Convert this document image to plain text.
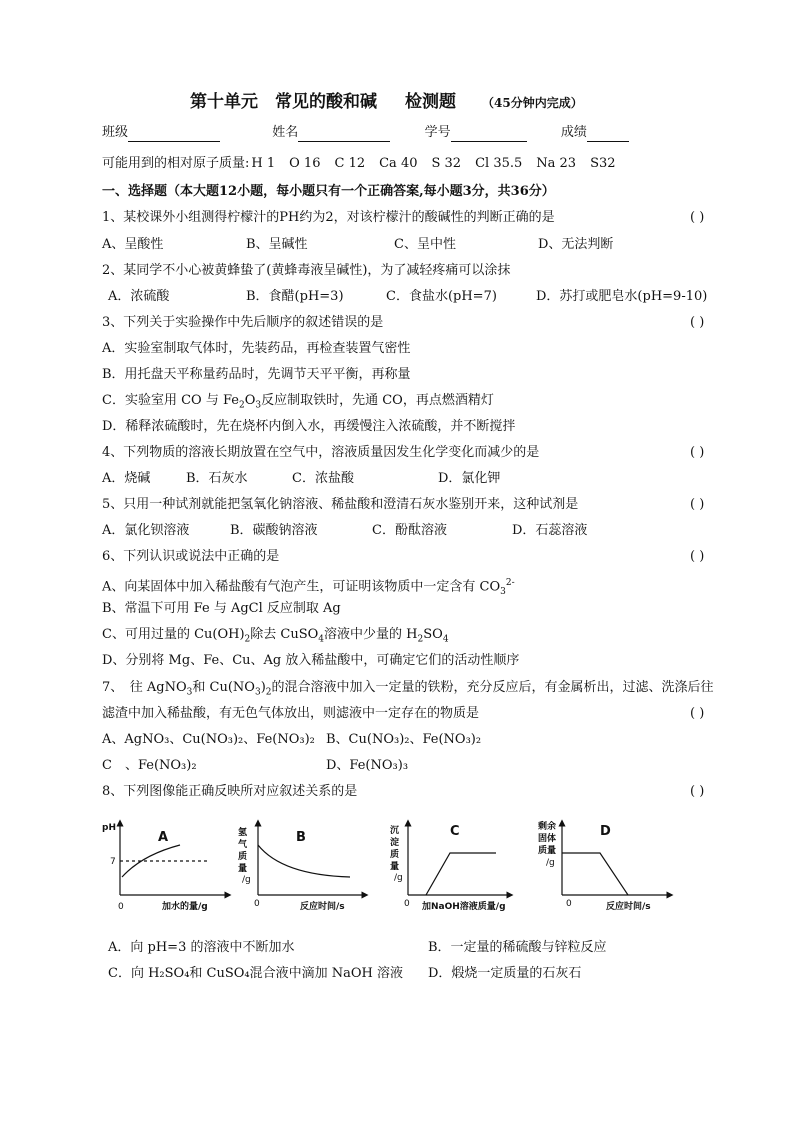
第十单元　常见的酸和碱 检测题 （45分钟内完成）
班级	姓名	学号	成绩
可能用到的相对原子质量: H 1 O 16 C 12 Ca 40 S 32 Cl 35.5 Na 23 S32
一、选择题（本大题12小题，每小题只有一个正确答案,每小题3分，共36分）
1、某校课外小组测得柠檬汁的PH约为2，对该柠檬汁的酸碱性的判断正确的是	( )
A、呈酸性	B、呈碱性	C、呈中性	D、无法判断
2、某同学不小心被黄蜂蛰了(黄蜂毒液呈碱性)，为了减轻疼痛可以涂抹
A．浓硫酸	B．食醋(pH=3)	C．食盐水(pH=7)	D．苏打或肥皂水(pH=9-10)
3、下列关于实验操作中先后顺序的叙述错误的是	( )
A．实验室制取气体时，先装药品，再检查装置气密性
B．用托盘天平称量药品时，先调节天平平衡，再称量
C．实验室用 CO 与 $Fe_2O_3$反应制取铁时，先通 CO，再点燃酒精灯
D．稀释浓硫酸时，先在烧杯内倒入水，再缓慢注入浓硫酸，并不断搅拌
4、下列物质的溶液长期放置在空气中，溶液质量因发生化学变化而减少的是	( )
A．烧碱	B．石灰水	C．浓盐酸	D．氯化钾
5、只用一种试剂就能把氢氧化钠溶液、稀盐酸和澄清石灰水鉴别开来，这种试剂是	( )
A．氯化钡溶液	B．碳酸钠溶液	C．酚酞溶液	D．石蕊溶液
6、下列认识或说法中正确的是	( )
A、向某固体中加入稀盐酸有气泡产生，可证明该物质中一定含有 $CO_3^{2-}$
B、常温下可用 Fe 与 AgCl 反应制取 Ag
C、可用过量的 $Cu(OH)_2$除去 CuSO$_4$溶液中少量的 $H_2SO_4$
D、分别将 Mg、Fe、Cu、Ag 放入稀盐酸中，可确定它们的活动性顺序
7、　往 AgNO$_3$和 $Cu(NO_3)_2$的混合溶液中加入一定量的铁粉，充分反应后，有金属析出，过滤、洗涤后往
滤渣中加入稀盐酸，有无色气体放出，则滤液中一定存在的物质是	( )
A、AgNO₃、Cu(NO₃)₂、Fe(NO₃)₂ B、Cu(NO₃)₂、Fe(NO₃)₂
C　、Fe(NO₃)₂	D、Fe(NO₃)₃
8、下列图像能正确反映所对应叙述关系的是	( )
pH
A
7
0	加水的量/g
氢
气
质
量
/g
B
0	反应时间/s
沉
淀
质
量
/g
C
0 加NaOH溶液质量/g
剩余
固体
质量
/g
D
0	反应时间/s
A．向 pH=3 的溶液中不断加水	B．一定量的稀硫酸与锌粒反应
C．向 H₂SO₄和 CuSO₄混合液中滴加 NaOH 溶液 D．煅烧一定质量的石灰石
